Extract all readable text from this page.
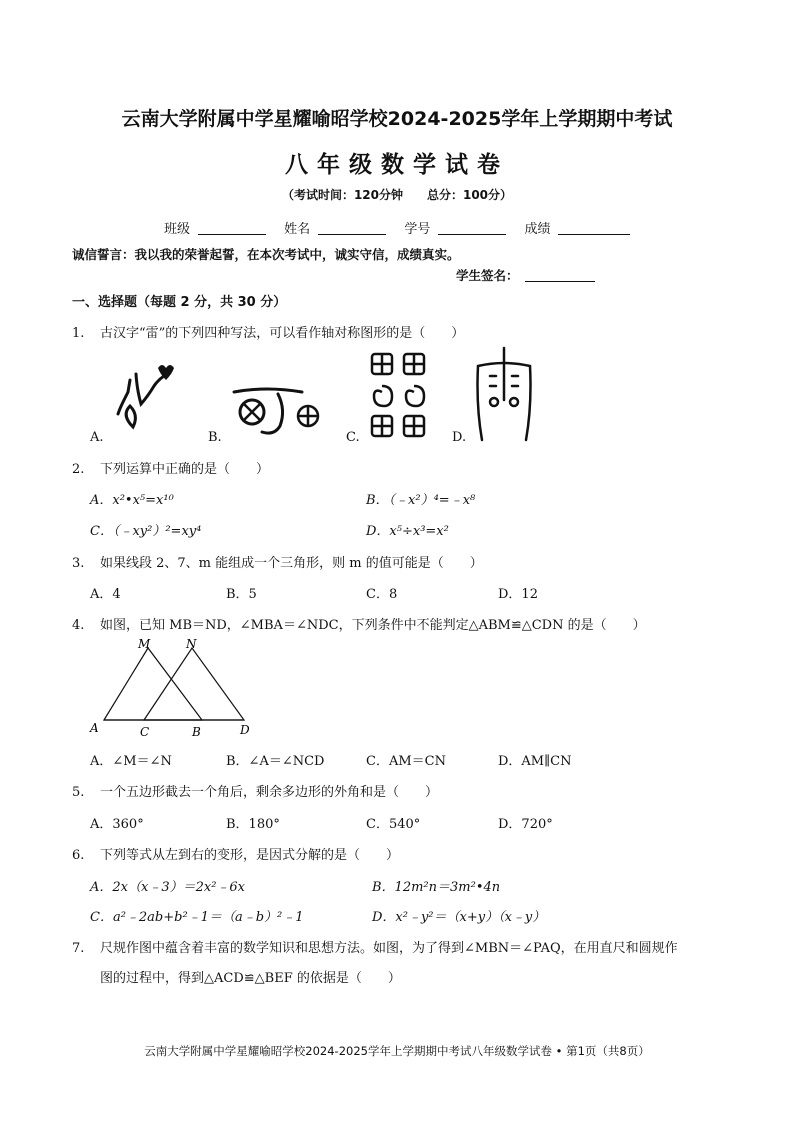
云南大学附属中学星耀喻昭学校2024-2025学年上学期期中考试
八年级数学试卷
（考试时间：120分钟　　总分：100分）
班级	姓名	学号	成绩
诚信誓言：我以我的荣誉起誓，在本次考试中，诚实守信，成绩真实。
学生签名：
一、选择题（每题 2 分，共 30 分）
1. 古汉字“雷”的下列四种写法，可以看作轴对称图形的是（　　）
A.	B.	C.	D.
2. 下列运算中正确的是（　　）
A．x²•x⁵=x¹⁰	B．（﹣x²）⁴=﹣x⁸
C．（﹣xy²）²=xy⁴	D．x⁵÷x³=x²
3. 如果线段 2、7、m 能组成一个三角形，则 m 的值可能是（　　）
A．4	B．5	C．8	D．12
4. 如图，已知 MB＝ND，∠MBA＝∠NDC，下列条件中不能判定△ABM≌△CDN 的是（　　）
M	N
A	C	B	D
A．∠M＝∠N	B．∠A＝∠NCD	C．AM＝CN	D．AM∥CN
5. 一个五边形截去一个角后，剩余多边形的外角和是（　　）
A．360°	B．180°	C．540°	D．720°
6. 下列等式从左到右的变形，是因式分解的是（　　）
A．2x（x﹣3）＝2x²﹣6x	B．12m²n＝3m²•4n
C．a²﹣2ab+b²﹣1＝（a﹣b）²﹣1	D．x²﹣y²＝（x+y）（x﹣y）
7. 尺规作图中蕴含着丰富的数学知识和思想方法。如图，为了得到∠MBN＝∠PAQ，在用直尺和圆规作
图的过程中，得到△ACD≌△BEF 的依据是（　　）
云南大学附属中学星耀喻昭学校2024-2025学年上学期期中考试八年级数学试卷 • 第1页（共8页）
